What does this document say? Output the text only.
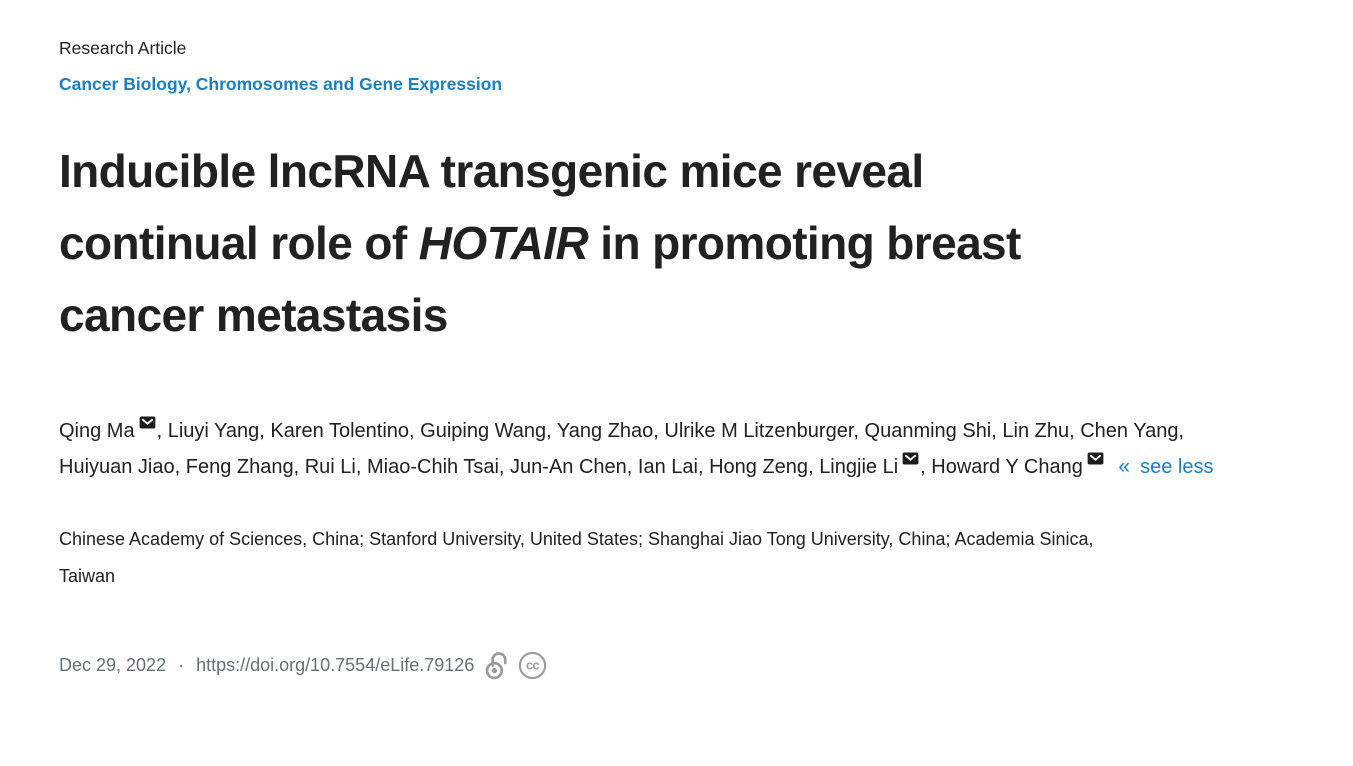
Research Article
Cancer Biology, Chromosomes and Gene Expression
Inducible lncRNA transgenic mice reveal
continual role of HOTAIR in promoting breast
cancer metastasis

Qing Ma , Liuyi Yang, Karen Tolentino, Guiping Wang, Yang Zhao, Ulrike M Litzenburger, Quanming Shi, Lin Zhu, Chen Yang, Huiyuan Jiao, Feng Zhang, Rui Li, Miao-Chih Tsai, Jun-An Chen, Ian Lai, Hong Zeng, Lingjie Li , Howard Y Chang « see less

Chinese Academy of Sciences, China; Stanford University, United States; Shanghai Jiao Tong University, China; Academia Sinica,
Taiwan

Dec 29, 2022 · https://doi.org/10.7554/eLife.79126	cc
